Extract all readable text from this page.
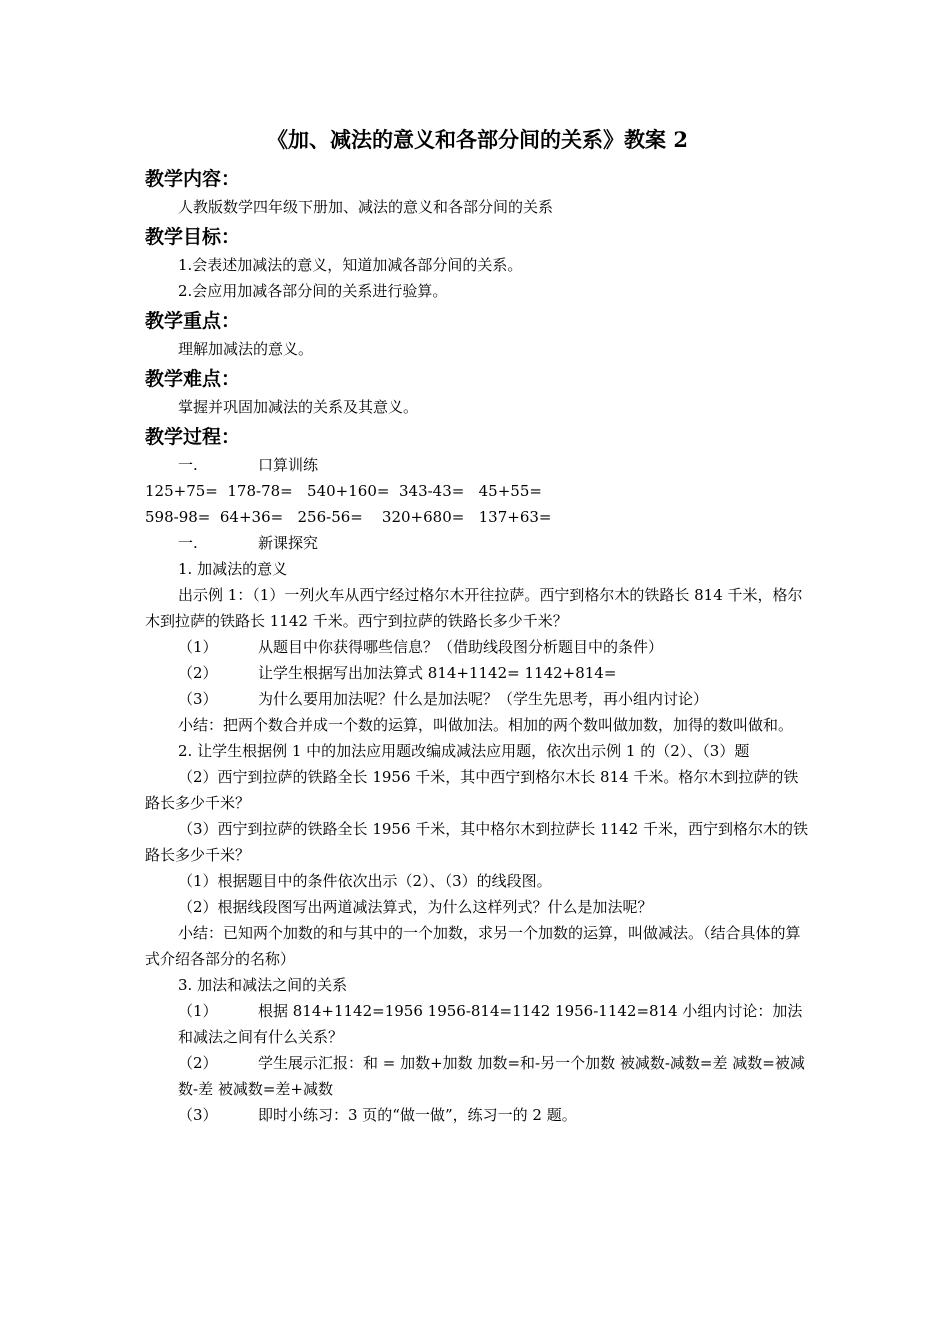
《加、减法的意义和各部分间的关系》教案 2
教学内容：
人教版数学四年级下册加、减法的意义和各部分间的关系
教学目标：
1.会表述加减法的意义，知道加减各部分间的关系。
2.会应用加减各部分间的关系进行验算。
教学重点：
理解加减法的意义。
教学难点：
掌握并巩固加减法的关系及其意义。
教学过程：
一.	口算训练
125+75=  178-78=   540+160=  343-43=   45+55=
598-98=  64+36=   256-56=    320+680=   137+63=
一.	新课探究
1. 加减法的意义
出示例 1：（1）一列火车从西宁经过格尔木开往拉萨。西宁到格尔木的铁路长 814 千米，格尔木到拉萨的铁路长 1142 千米。西宁到拉萨的铁路长多少千米？
（1）	从题目中你获得哪些信息？（借助线段图分析题目中的条件）
（2）	让学生根据写出加法算式 814+1142= 1142+814=
（3）	为什么要用加法呢？什么是加法呢？（学生先思考，再小组内讨论）
小结：把两个数合并成一个数的运算，叫做加法。相加的两个数叫做加数，加得的数叫做和。
2. 让学生根据例 1 中的加法应用题改编成减法应用题，依次出示例 1 的（2）、（3）题
（2）西宁到拉萨的铁路全长 1956 千米，其中西宁到格尔木长 814 千米。格尔木到拉萨的铁路长多少千米？
（3）西宁到拉萨的铁路全长 1956 千米，其中格尔木到拉萨长 1142 千米，西宁到格尔木的铁路长多少千米？
（1）根据题目中的条件依次出示（2）、（3）的线段图。
（2）根据线段图写出两道减法算式，为什么这样列式？什么是加法呢？
小结：已知两个加数的和与其中的一个加数，求另一个加数的运算，叫做减法。（结合具体的算式介绍各部分的名称）
3. 加法和减法之间的关系
（1）	根据 814+1142=1956 1956-814=1142 1956-1142=814 小组内讨论：加法和减法之间有什么关系？
（2）	学生展示汇报：和 = 加数+加数 加数=和-另一个加数 被减数-减数=差 减数=被减数-差 被减数=差+减数
（3）	即时小练习：3 页的“做一做”，练习一的 2 题。
